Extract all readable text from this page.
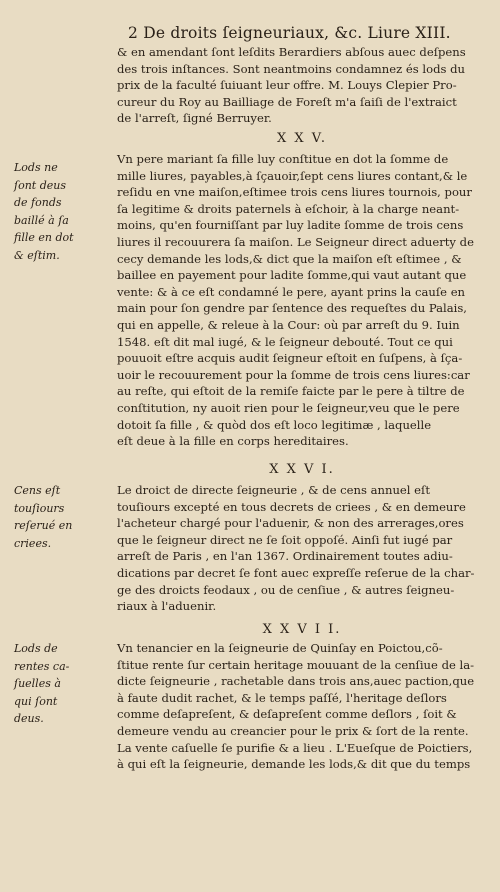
2 De droits ſeigneuriaux, &c. Liure XIII.
& en amendant ſont leſdits Berardiers abſous auec deſpens
des trois inſtances. Sont neantmoins condamnez és lods du
prix de la faculté ſuiuant leur offre. M. Louys Clepier Pro-
cureur du Roy au Bailliage de Foreſt m'a ſaiſi de l'extraict
de l'arreſt, ſigné Berruyer.
X X V.
Lods ne
ſont deus
de fonds
baillé à ſa
fille en dot
& eſtim.
Vn pere mariant ſa fille luy conſtitue en dot la ſomme de
mille liures, payables,à ſçauoir,ſept cens liures contant,& le
reſidu en vne maiſon,eſtimee trois cens liures tournois, pour
ſa legitime & droits paternels à eſchoir, à la charge neant-
moins, qu'en fourniſſant par luy ladite ſomme de trois cens
liures il recouurera ſa maiſon. Le Seigneur direct aduerty de
cecy demande les lods,& dict que la maiſon eſt eſtimee , &
baillee en payement pour ladite ſomme,qui vaut autant que
vente: & à ce eſt condamné le pere, ayant prins la cauſe en
main pour ſon gendre par ſentence des requeſtes du Palais,
qui en appelle, & releue à la Cour: où par arreſt du 9. Iuin
1548. eſt dit mal iugé, & le ſeigneur debouté. Tout ce qui
pouuoit eſtre acquis audit ſeigneur eſtoit en ſuſpens, à ſça-
uoir le recouurement pour la ſomme de trois cens liures:car
au reſte, qui eſtoit de la remiſe faicte par le pere à tiltre de
conſtitution, ny auoit rien pour le ſeigneur,veu que le pere
dotoit ſa fille , & quòd dos eſt loco legitimæ , laquelle
eſt deue à la fille en corps hereditaires.
X X V I.
Cens eſt
touſiours
reſerué en
criees.
Le droict de directe ſeigneurie , & de cens annuel eſt
touſiours excepté en tous decrets de criees , & en demeure
l'acheteur chargé pour l'aduenir, & non des arrerages,ores
que le ſeigneur direct ne ſe ſoit oppoſé. Ainſi fut iugé par
arreſt de Paris , en l'an 1367. Ordinairement toutes adiu-
dications par decret ſe font auec expreſſe reſerue de la char-
ge des droicts feodaux , ou de cenſiue , & autres ſeigneu-
riaux à l'aduenir.
X X V I I.
Lods de
rentes ca-
ſuelles à
qui ſont
deus.
Vn tenancier en la ſeigneurie de Quinſay en Poictou,cõ-
ſtitue rente ſur certain heritage mouuant de la cenſiue de la-
dicte ſeigneurie , rachetable dans trois ans,auec paction,que
à faute dudit rachet, & le temps paſſé, l'heritage deſlors
comme deſapreſent, & deſapreſent comme deſlors , ſoit &
demeure vendu au creancier pour le prix & ſort de la rente.
La vente caſuelle ſe purifie & a lieu . L'Eueſque de Poictiers,
à qui eſt la ſeigneurie, demande les lods,& dit que du temps
